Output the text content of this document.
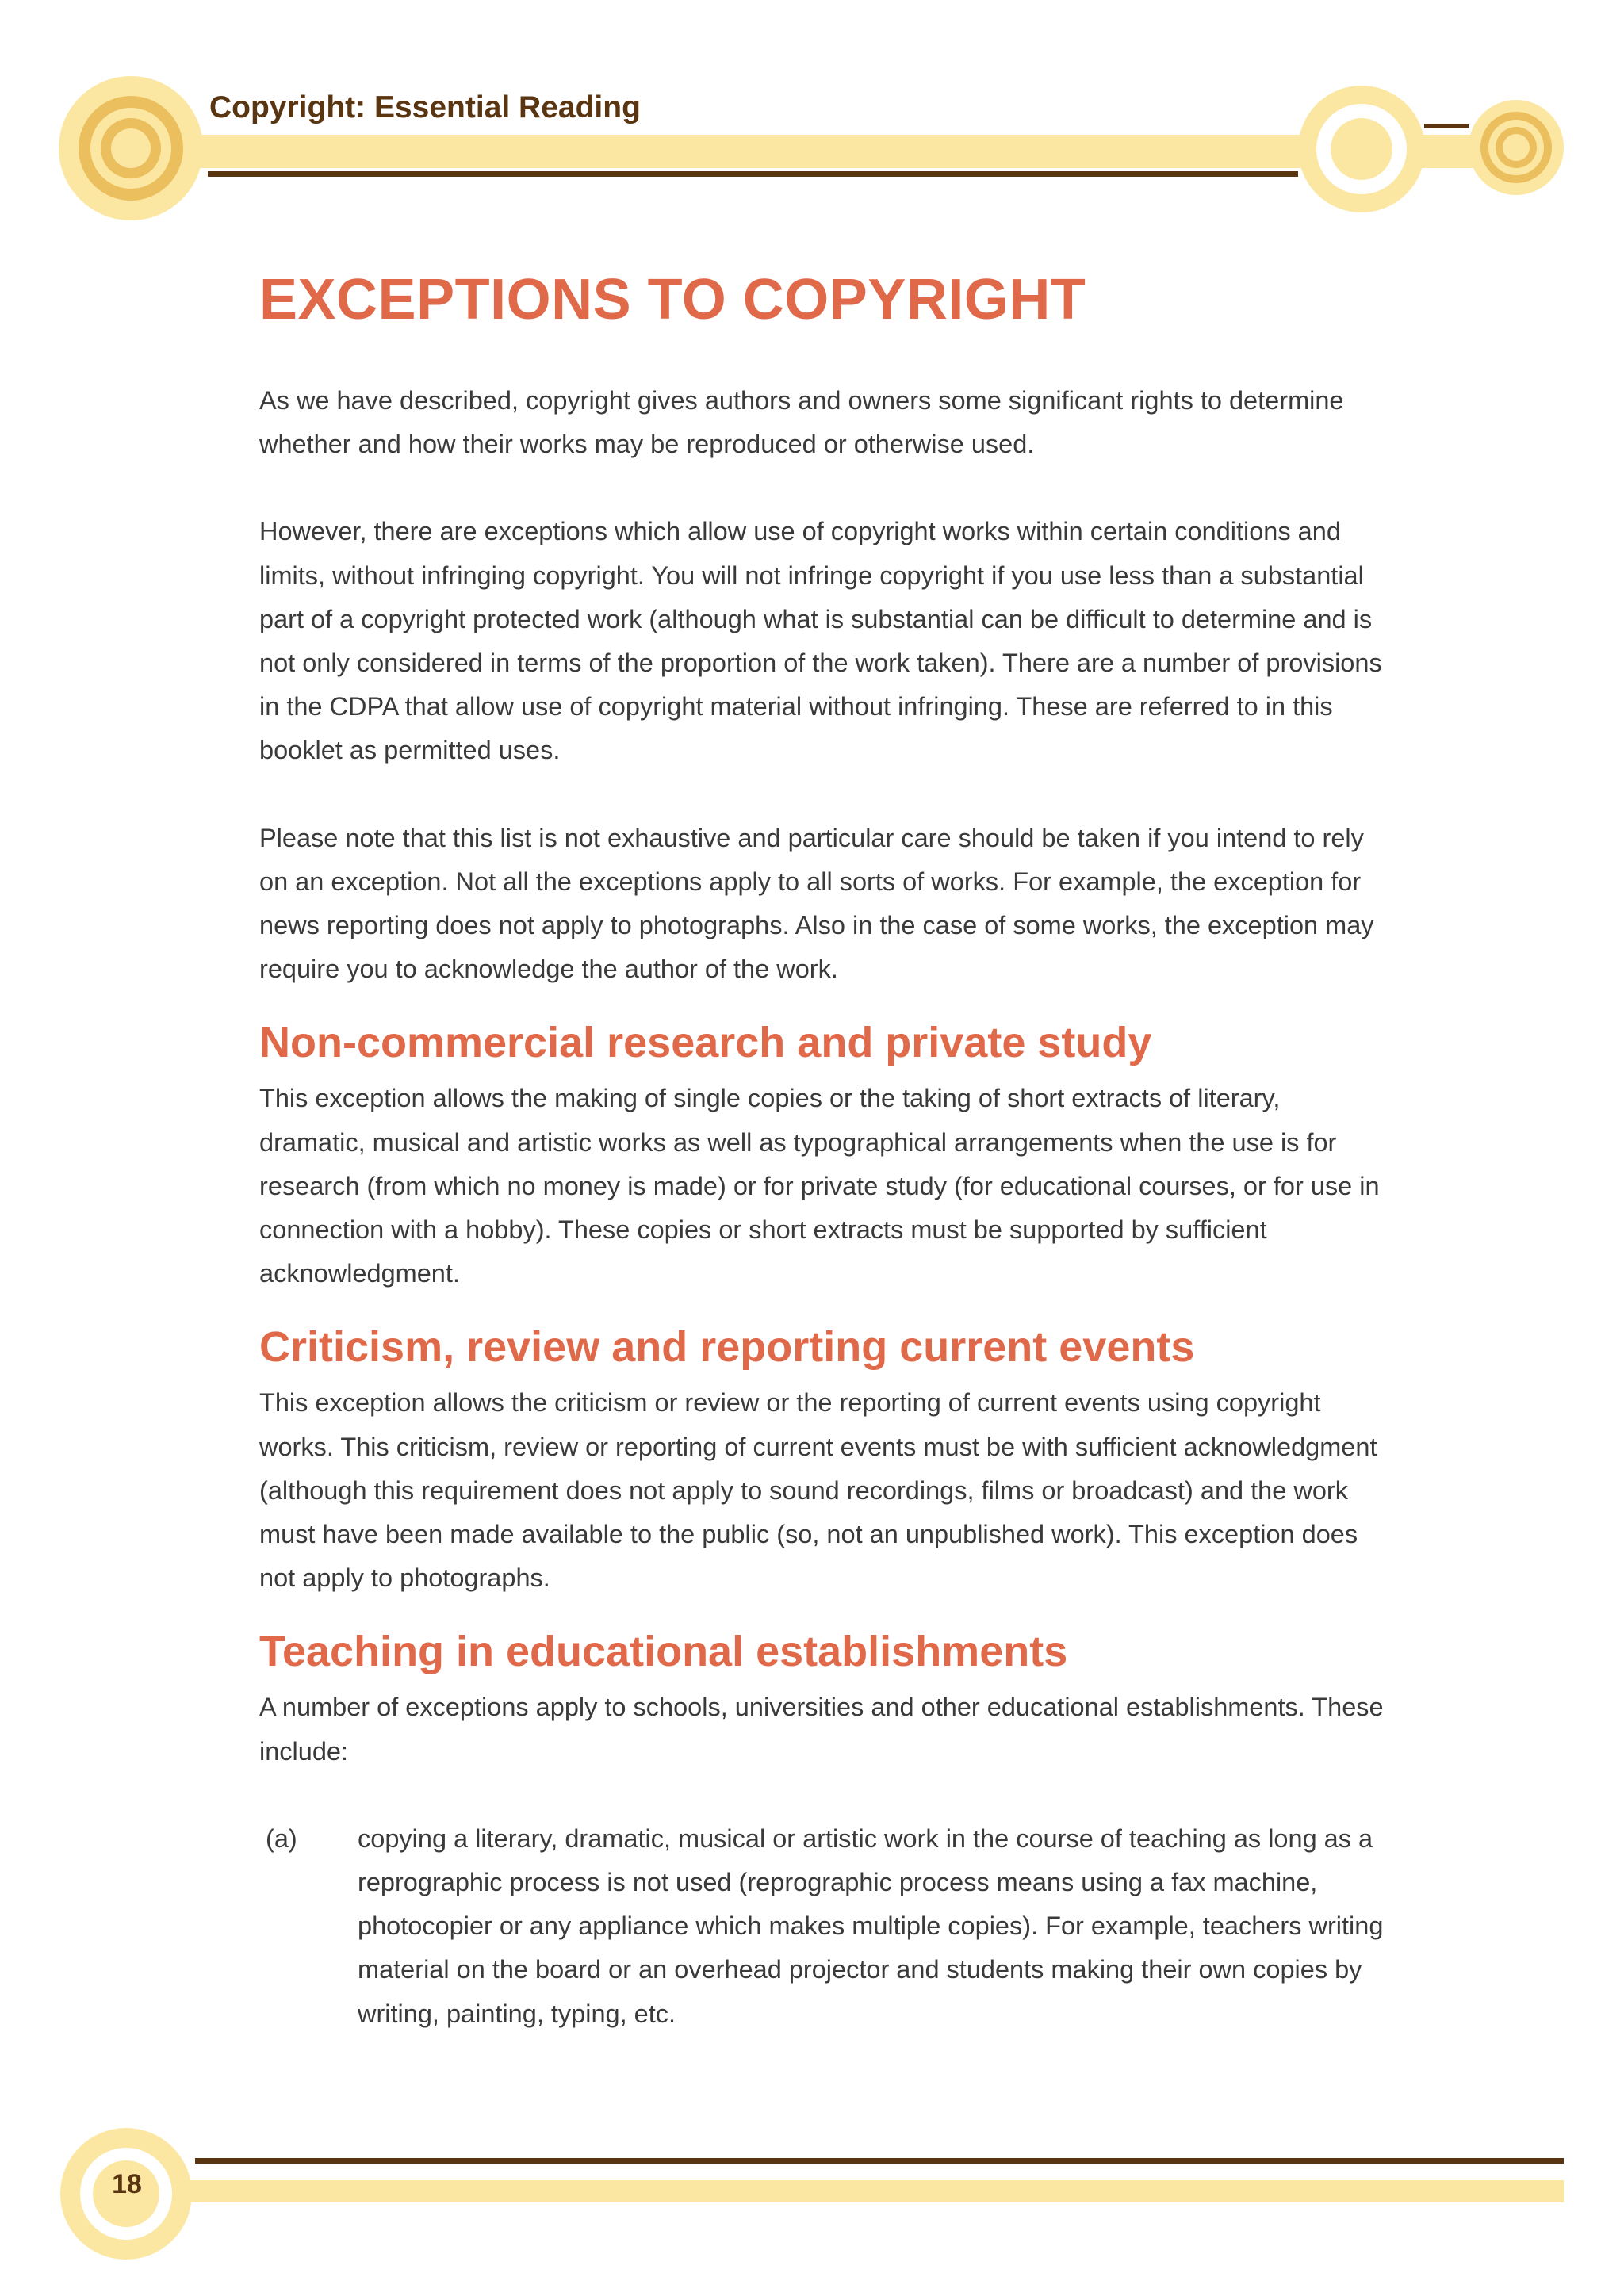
Copyright: Essential Reading
EXCEPTIONS TO COPYRIGHT

As we have described, copyright gives authors and owners some significant rights to determine whether and how their works may be reproduced or otherwise used.

However, there are exceptions which allow use of copyright works within certain conditions and limits, without infringing copyright. You will not infringe copyright if you use less than a substantial part of a copyright protected work (although what is substantial can be difficult to determine and is not only considered in terms of the proportion of the work taken). There are a number of provisions in the CDPA that allow use of copyright material without infringing. These are referred to in this booklet as permitted uses.

Please note that this list is not exhaustive and particular care should be taken if you intend to rely on an exception. Not all the exceptions apply to all sorts of works. For example, the exception for news reporting does not apply to photographs. Also in the case of some works, the exception may require you to acknowledge the author of the work.

Non-commercial research and private study

This exception allows the making of single copies or the taking of short extracts of literary, dramatic, musical and artistic works as well as typographical arrangements when the use is for research (from which no money is made) or for private study (for educational courses, or for use in connection with a hobby). These copies or short extracts must be supported by sufficient acknowledgment.

Criticism, review and reporting current events

This exception allows the criticism or review or the reporting of current events using copyright works. This criticism, review or reporting of current events must be with sufficient acknowledgment (although this requirement does not apply to sound recordings, films or broadcast) and the work must have been made available to the public (so, not an unpublished work). This exception does not apply to photographs.

Teaching in educational establishments

A number of exceptions apply to schools, universities and other educational establishments. These include:

(a) copying a literary, dramatic, musical or artistic work in the course of teaching as long as a reprographic process is not used (reprographic process means using a fax machine, photocopier or any appliance which makes multiple copies). For example, teachers writing material on the board or an overhead projector and students making their own copies by writing, painting, typing, etc.

18
